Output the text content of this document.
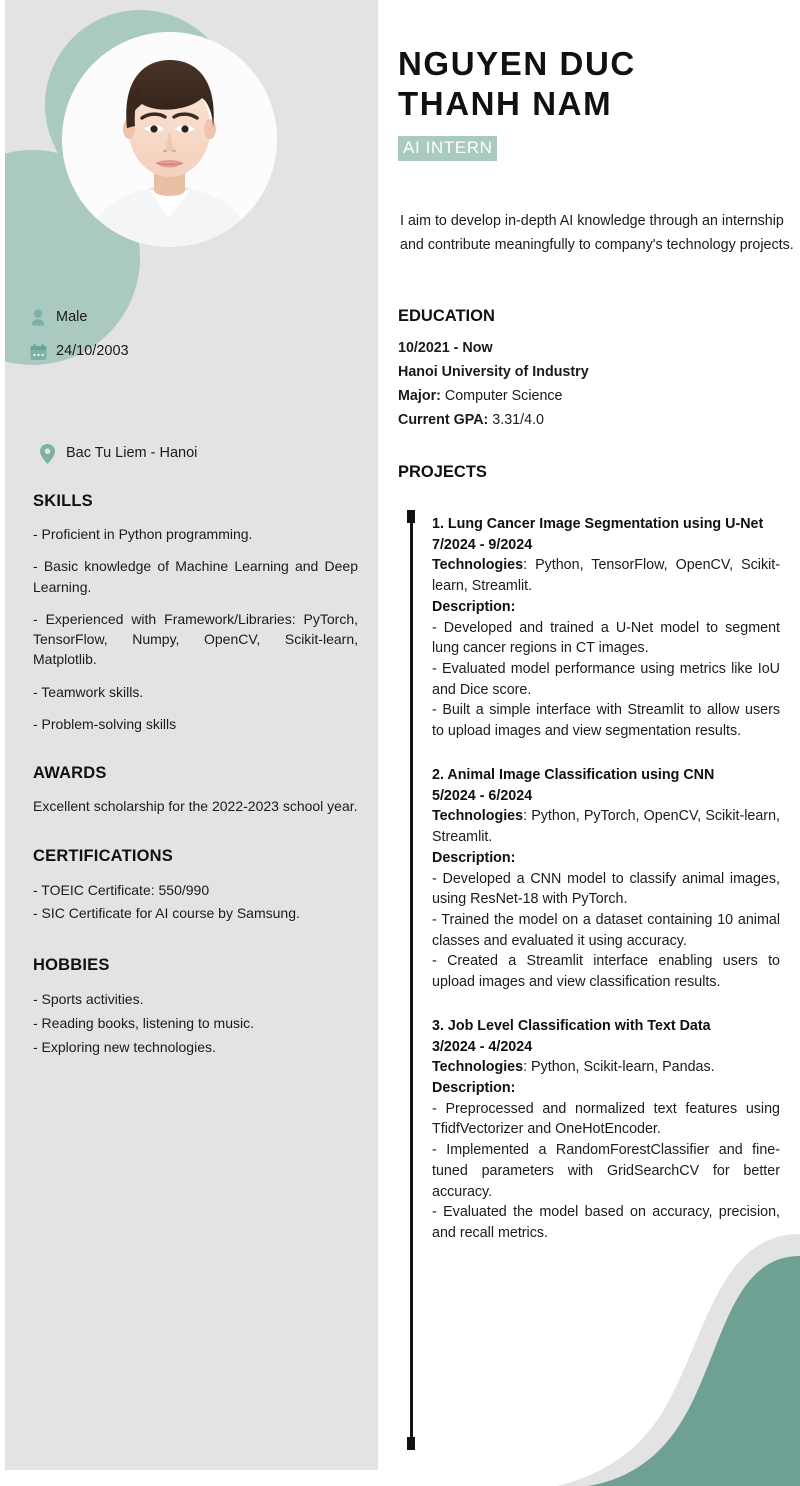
Male
24/10/2003
Bac Tu Liem - Hanoi
SKILLS
- Proficient in Python programming.
- Basic knowledge of Machine Learning and Deep Learning.
- Experienced with Framework/Libraries: PyTorch, TensorFlow, Numpy, OpenCV, Scikit-learn, Matplotlib.
- Teamwork skills.
- Problem-solving skills
AWARDS
Excellent scholarship for the 2022-2023 school year.
CERTIFICATIONS
- TOEIC Certificate: 550/990
- SIC Certificate for AI course by Samsung.
HOBBIES
- Sports activities.
- Reading books, listening to music.
- Exploring new technologies.
NGUYEN DUC
THANH NAM
AI INTERN
I aim to develop in-depth AI knowledge through an internship and contribute meaningfully to company's technology projects.
EDUCATION
10/2021 - Now
Hanoi University of Industry
Major: Computer Science
Current GPA: 3.31/4.0
PROJECTS
1. Lung Cancer Image Segmentation using U-Net
7/2024 - 9/2024
Technologies: Python, TensorFlow, OpenCV, Scikit-learn, Streamlit.
Description:
- Developed and trained a U-Net model to segment lung cancer regions in CT images.
- Evaluated model performance using metrics like IoU and Dice score.
- Built a simple interface with Streamlit to allow users to upload images and view segmentation results.
2. Animal Image Classification using CNN
5/2024 - 6/2024
Technologies: Python, PyTorch, OpenCV, Scikit-learn, Streamlit.
Description:
- Developed a CNN model to classify animal images, using ResNet-18 with PyTorch.
- Trained the model on a dataset containing 10 animal classes and evaluated it using accuracy.
- Created a Streamlit interface enabling users to upload images and view classification results.
3. Job Level Classification with Text Data
3/2024 - 4/2024
Technologies: Python, Scikit-learn, Pandas.
Description:
- Preprocessed and normalized text features using TfidfVectorizer and OneHotEncoder.
- Implemented a RandomForestClassifier and fine-tuned parameters with GridSearchCV for better accuracy.
- Evaluated the model based on accuracy, precision, and recall metrics.
